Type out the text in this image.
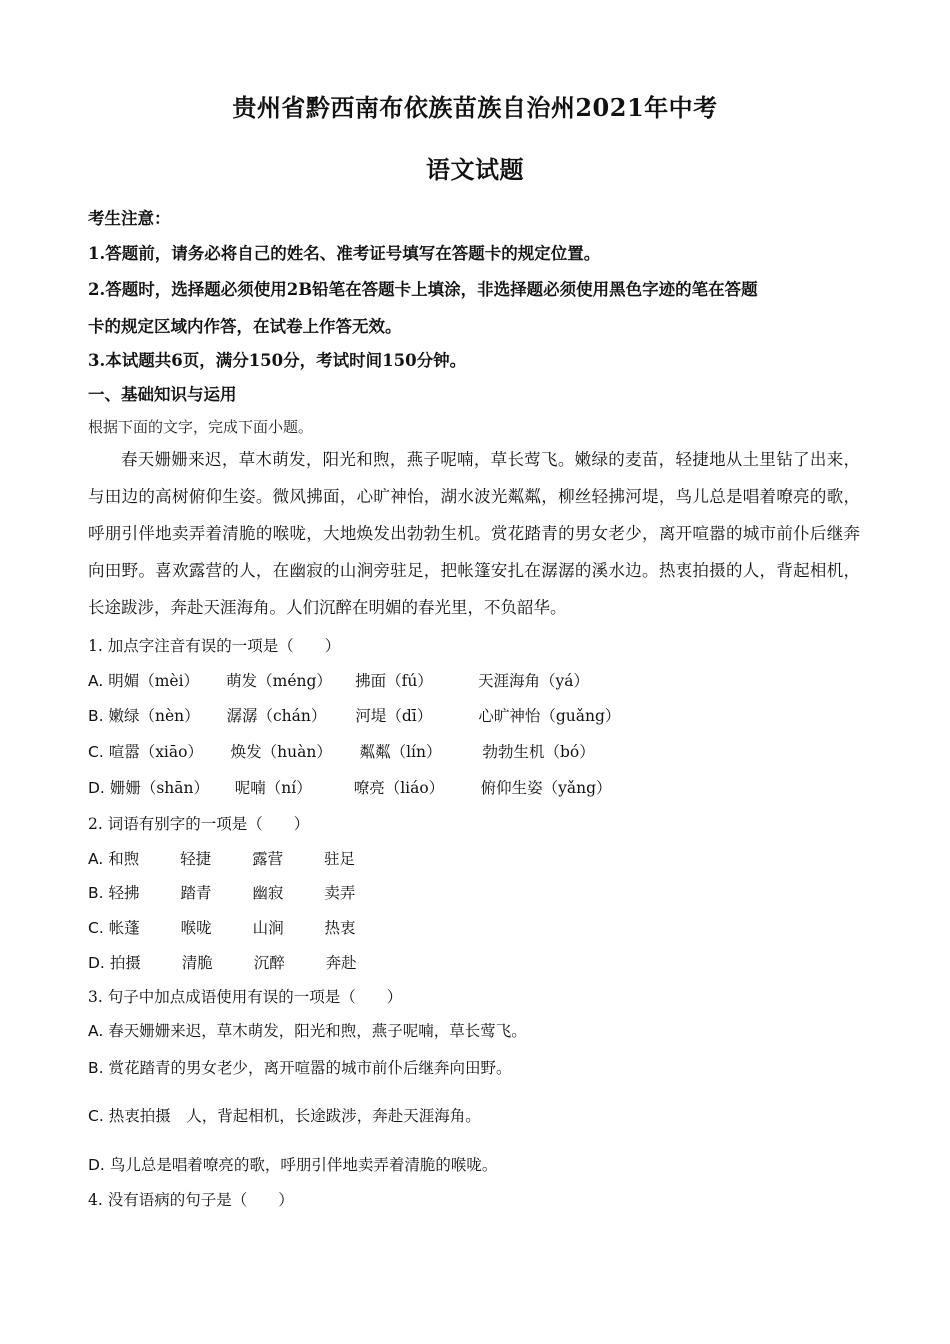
贵州省黔西南布依族苗族自治州2021年中考
语文试题
考生注意：
1.答题前，请务必将自己的姓名、准考证号填写在答题卡的规定位置。
2.答题时，选择题必须使用2B铅笔在答题卡上填涂，非选择题必须使用黑色字迹的笔在答题
卡的规定区域内作答，在试卷上作答无效。
3.本试题共6页，满分150分，考试时间150分钟。
一、基础知识与运用
根据下面的文字，完成下面小题。

春天姗姗来迟，草木萌发，阳光和煦，燕子呢喃，草长莺飞。嫩绿的麦苗，轻捷地从土里钻了出来，与田边的高树俯仰生姿。微风拂面，心旷神怡，湖水波光粼粼，柳丝轻拂河堤，鸟儿总是唱着嘹亮的歌，呼朋引伴地卖弄着清脆的喉咙，大地焕发出勃勃生机。赏花踏青的男女老少，离开喧嚣的城市前仆后继奔向田野。喜欢露营的人，在幽寂的山涧旁驻足，把帐篷安扎在潺潺的溪水边。热衷拍摄的人，背起相机，长途跋涉，奔赴天涯海角。人们沉醉在明媚的春光里，不负韶华。

1. 加点字注音有误的一项是（　　）
A. 明媚（mèi） 萌发（méng） 拂面（fú）	天涯海角（yá）
B. 嫩绿（nèn） 潺潺（chán） 河堤（dī）	心旷神怡（guǎng）
C. 喧嚣（xiāo） 焕发（huàn） 粼粼（lín）	勃勃生机（bó）
D. 姗姗（shān） 呢喃（ní）	嘹亮（liáo） 俯仰生姿（yǎng）
2. 词语有别字的一项是（　　）
A. 和煦	轻捷	露营	驻足
B. 轻拂	踏青	幽寂	卖弄
C. 帐蓬	喉咙	山涧	热衷
D. 拍摄	清脆	沉醉	奔赴
3. 句子中加点成语使用有误的一项是（　　）
A. 春天姗姗来迟，草木萌发，阳光和煦，燕子呢喃，草长莺飞。
B. 赏花踏青的男女老少，离开喧嚣的城市前仆后继奔向田野。
C. 热衷拍摄　人，背起相机，长途跋涉，奔赴天涯海角。
D. 鸟儿总是唱着嘹亮的歌，呼朋引伴地卖弄着清脆的喉咙。
4. 没有语病的句子是（　　）
